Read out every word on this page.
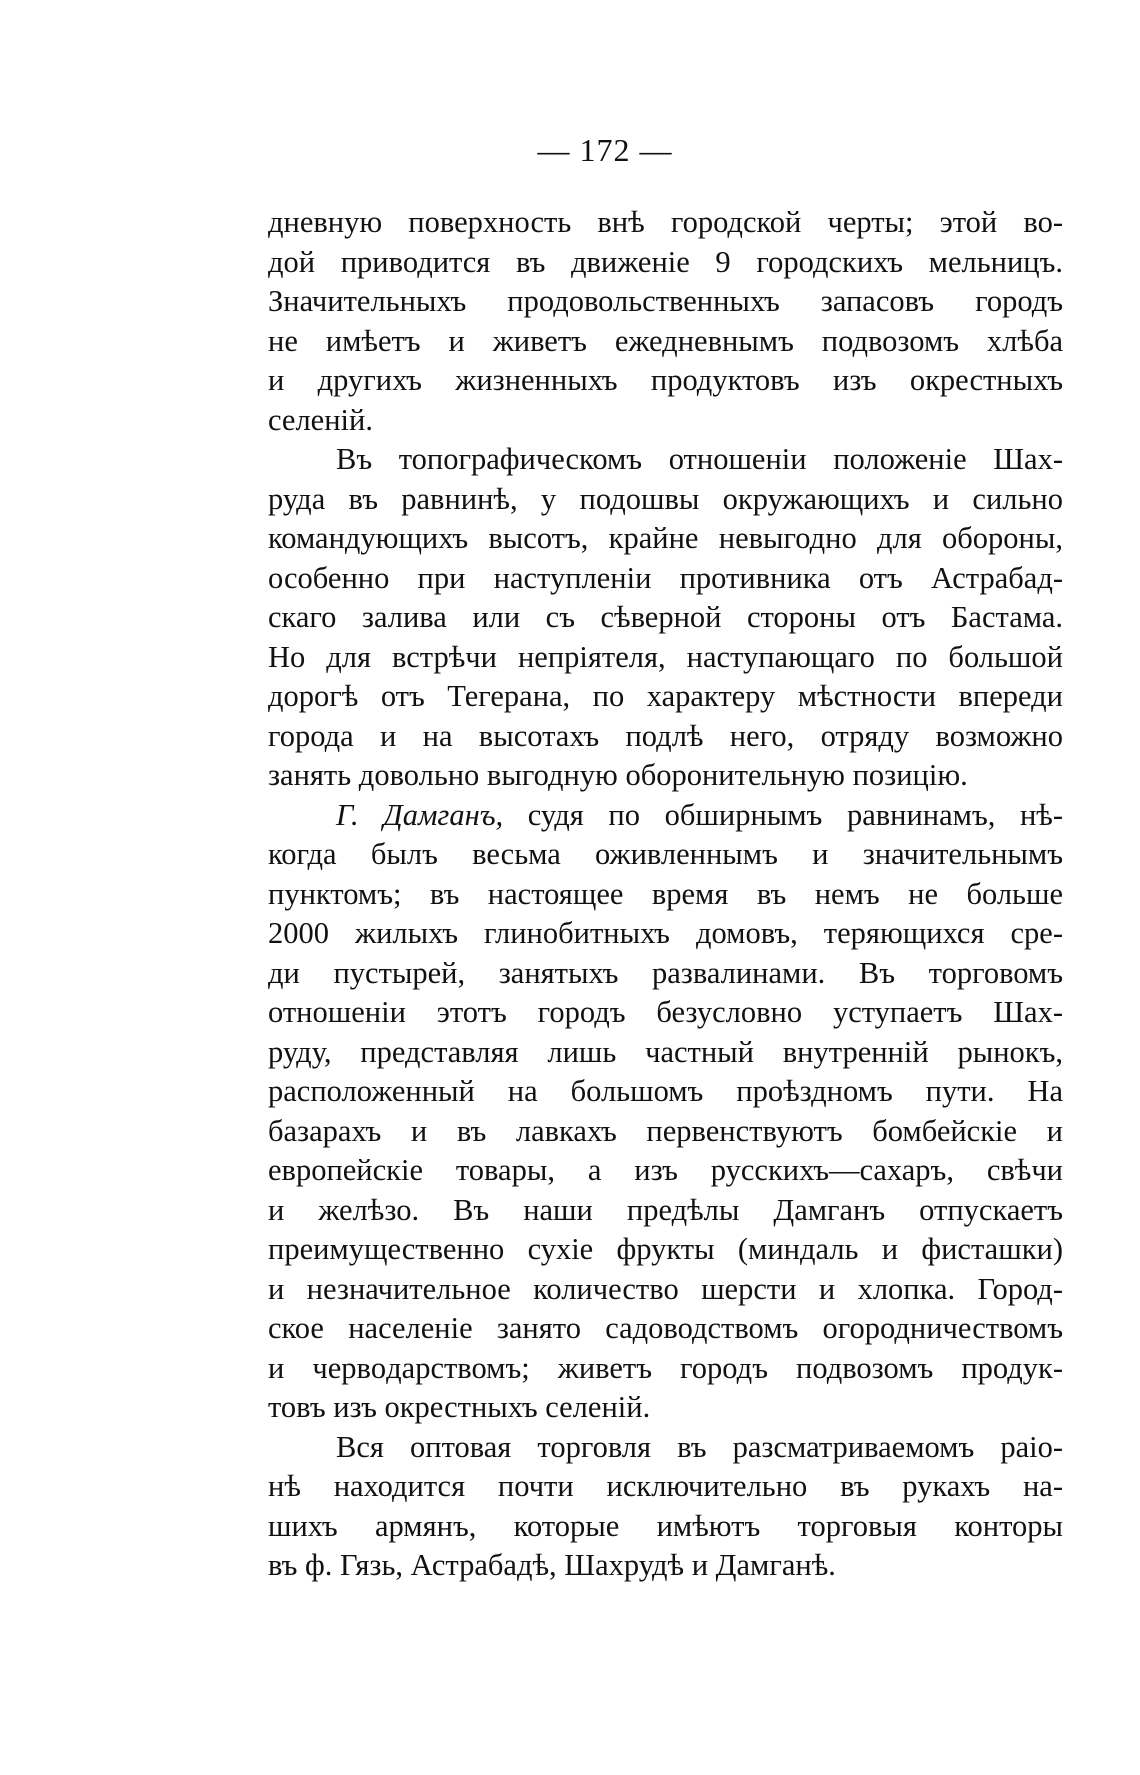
— 172 —
дневную поверхность внѣ городской черты; этой во-
дой приводится въ движеніе 9 городскихъ мельницъ.
Значительныхъ продовольственныхъ запасовъ городъ
не имѣетъ и живетъ ежедневнымъ подвозомъ хлѣба
и другихъ жизненныхъ продуктовъ изъ окрестныхъ
селеній.
Въ топографическомъ отношеніи положеніе Шах-
руда въ равнинѣ, у подошвы окружающихъ и сильно
командующихъ высотъ, крайне невыгодно для обороны,
особенно при наступленіи противника отъ Астрабад-
скаго залива или съ сѣверной стороны отъ Бастама.
Но для встрѣчи непріятеля, наступающаго по большой
дорогѣ отъ Тегерана, по характеру мѣстности впереди
города и на высотахъ подлѣ него, отряду возможно
занять довольно выгодную оборонительную позицію.
Г. Дамганъ, судя по обширнымъ равнинамъ, нѣ-
когда былъ весьма оживленнымъ и значительнымъ
пунктомъ; въ настоящее время въ немъ не больше
2000 жилыхъ глинобитныхъ домовъ, теряющихся сре-
ди пустырей, занятыхъ развалинами. Въ торговомъ
отношеніи этотъ городъ безусловно уступаетъ Шах-
руду, представляя лишь частный внутренній рынокъ,
расположенный на большомъ проѣздномъ пути. На
базарахъ и въ лавкахъ первенствуютъ бомбейскіе и
европейскіе товары, а изъ русскихъ—сахаръ, свѣчи
и желѣзо. Въ наши предѣлы Дамганъ отпускаетъ
преимущественно сухіе фрукты (миндаль и фисташки)
и незначительное количество шерсти и хлопка. Город-
ское населеніе занято садоводствомъ огородничествомъ
и червoдарствомъ; живетъ городъ подвозомъ продук-
товъ изъ окрестныхъ селеній.
Вся оптовая торговля въ разсматриваемомъ раіо-
нѣ находится почти исключительно въ рукахъ на-
шихъ армянъ, которые имѣютъ торговыя конторы
въ ф. Гязь, Астрабадѣ, Шахрудѣ и Дамганѣ.
